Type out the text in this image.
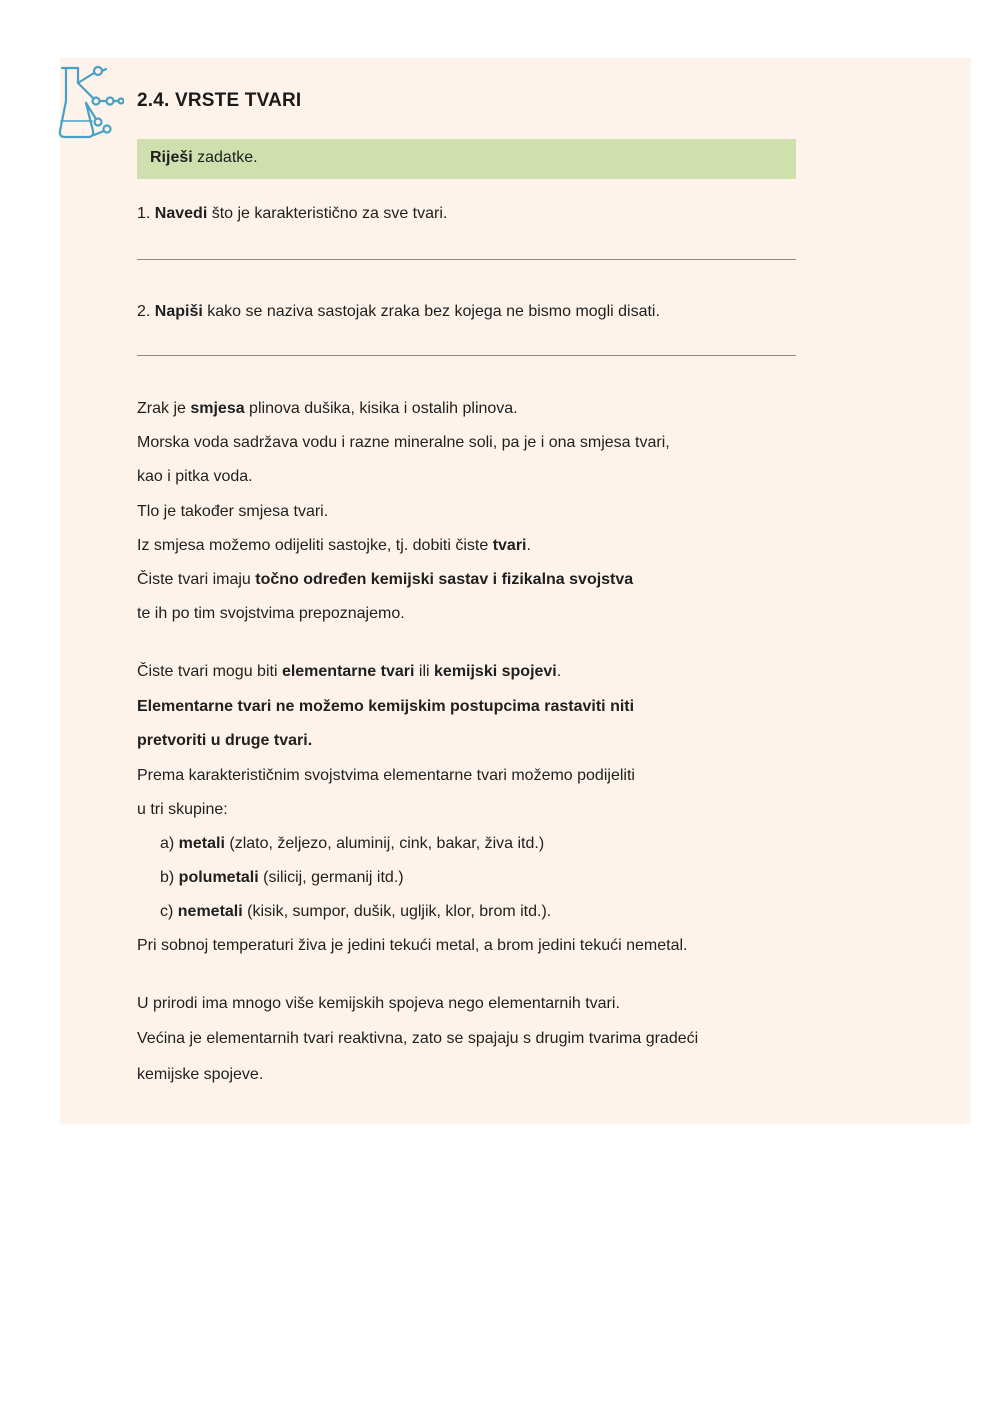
2.4. VRSTE TVARI
Riješi zadatke.
1. Navedi što je karakteristično za sve tvari.
2. Napiši kako se naziva sastojak zraka bez kojega ne bismo mogli disati.
Zrak je smjesa plinova dušika, kisika i ostalih plinova.
Morska voda sadržava vodu i razne mineralne soli, pa je i ona smjesa tvari,
kao i pitka voda.
Tlo je također smjesa tvari.
Iz smjesa možemo odijeliti sastojke, tj. dobiti čiste tvari.
Čiste tvari imaju točno određen kemijski sastav i fizikalna svojstva
te ih po tim svojstvima prepoznajemo.
Čiste tvari mogu biti elementarne tvari ili kemijski spojevi.
Elementarne tvari ne možemo kemijskim postupcima rastaviti niti
pretvoriti u druge tvari.
Prema karakterističnim svojstvima elementarne tvari možemo podijeliti
u tri skupine:
a) metali (zlato, željezo, aluminij, cink, bakar, živa itd.)
b) polumetali (silicij, germanij itd.)
c) nemetali (kisik, sumpor, dušik, ugljik, klor, brom itd.).
Pri sobnoj temperaturi živa je jedini tekući metal, a brom jedini tekući nemetal.
U prirodi ima mnogo više kemijskih spojeva nego elementarnih tvari.
Većina je elementarnih tvari reaktivna, zato se spajaju s drugim tvarima gradeći
kemijske spojeve.
